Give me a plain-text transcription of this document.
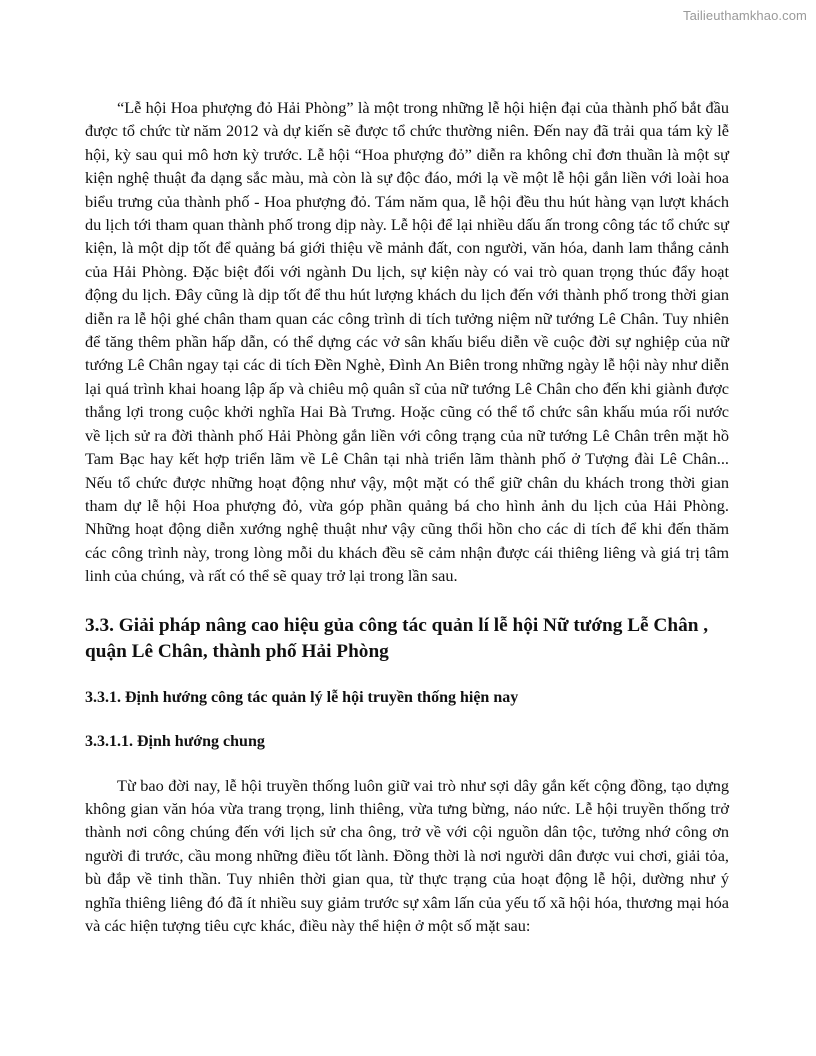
Tailieuthamkhao.com

“Lễ hội Hoa phượng đỏ Hải Phòng” là một trong những lễ hội hiện đại của thành phố bắt đầu được tổ chức từ năm 2012 và dự kiến sẽ được tổ chức thường niên. Đến nay đã trải qua tám kỳ lễ hội, kỳ sau qui mô hơn kỳ trước. Lễ hội “Hoa phượng đỏ” diễn ra không chỉ đơn thuần là một sự kiện nghệ thuật đa dạng sắc màu, mà còn là sự độc đáo, mới lạ về một lễ hội gắn liền với loài hoa biểu trưng của thành phố - Hoa phượng đỏ. Tám năm qua, lễ hội đều thu hút hàng vạn lượt khách du lịch tới tham quan thành phố trong dịp này. Lễ hội để lại nhiều dấu ấn trong công tác tổ chức sự kiện, là một dịp tốt để quảng bá giới thiệu về mảnh đất, con người, văn hóa, danh lam thắng cảnh của Hải Phòng. Đặc biệt đối với ngành Du lịch, sự kiện này có vai trò quan trọng thúc đẩy hoạt động du lịch. Đây cũng là dịp tốt để thu hút lượng khách du lịch đến với thành phố trong thời gian diễn ra lễ hội ghé chân tham quan các công trình di tích tưởng niệm nữ tướng Lê Chân. Tuy nhiên để tăng thêm phần hấp dẫn, có thể dựng các vở sân khấu biểu diễn về cuộc đời sự nghiệp của nữ tướng Lê Chân ngay tại các di tích Đền Nghè, Đình An Biên trong những ngày lễ hội này như diễn lại quá trình khai hoang lập ấp và chiêu mộ quân sĩ của nữ tướng Lê Chân cho đến khi giành được thắng lợi trong cuộc khởi nghĩa Hai Bà Trưng. Hoặc cũng có thể tổ chức sân khấu múa rối nước về lịch sử ra đời thành phố Hải Phòng gắn liền với công trạng của nữ tướng Lê Chân trên mặt hồ Tam Bạc hay kết hợp triển lãm về Lê Chân tại nhà triển lãm thành phố ở Tượng đài Lê Chân... Nếu tổ chức được những hoạt động như vậy, một mặt có thể giữ chân du khách trong thời gian tham dự lễ hội Hoa phượng đỏ, vừa góp phần quảng bá cho hình ảnh du lịch của Hải Phòng. Những hoạt động diễn xướng nghệ thuật như vậy cũng thổi hồn cho các di tích để khi đến thăm các công trình này, trong lòng mỗi du khách đều sẽ cảm nhận được cái thiêng liêng và giá trị tâm linh của chúng, và rất có thể sẽ quay trở lại trong lần sau.

3.3. Giải pháp nâng cao hiệu gủa công tác quản lí lễ hội Nữ tướng Lễ Chân , quận Lê Chân, thành phố Hải Phòng
3.3.1. Định hướng công tác quản lý lễ hội truyền thống hiện nay
3.3.1.1. Định hướng chung

Từ bao đời nay, lễ hội truyền thống luôn giữ vai trò như sợi dây gắn kết cộng đồng, tạo dựng không gian văn hóa vừa trang trọng, linh thiêng, vừa tưng bừng, náo nức. Lễ hội truyền thống trở thành nơi công chúng đến với lịch sử cha ông, trở về với cội nguồn dân tộc, tưởng nhớ công ơn người đi trước, cầu mong những điều tốt lành. Đồng thời là nơi người dân được vui chơi, giải tỏa, bù đắp về tinh thần. Tuy nhiên thời gian qua, từ thực trạng của hoạt động lễ hội, dường như ý nghĩa thiêng liêng đó đã ít nhiều suy giảm trước sự xâm lấn của yếu tố xã hội hóa, thương mại hóa và các hiện tượng tiêu cực khác, điều này thể hiện ở một số mặt sau:
